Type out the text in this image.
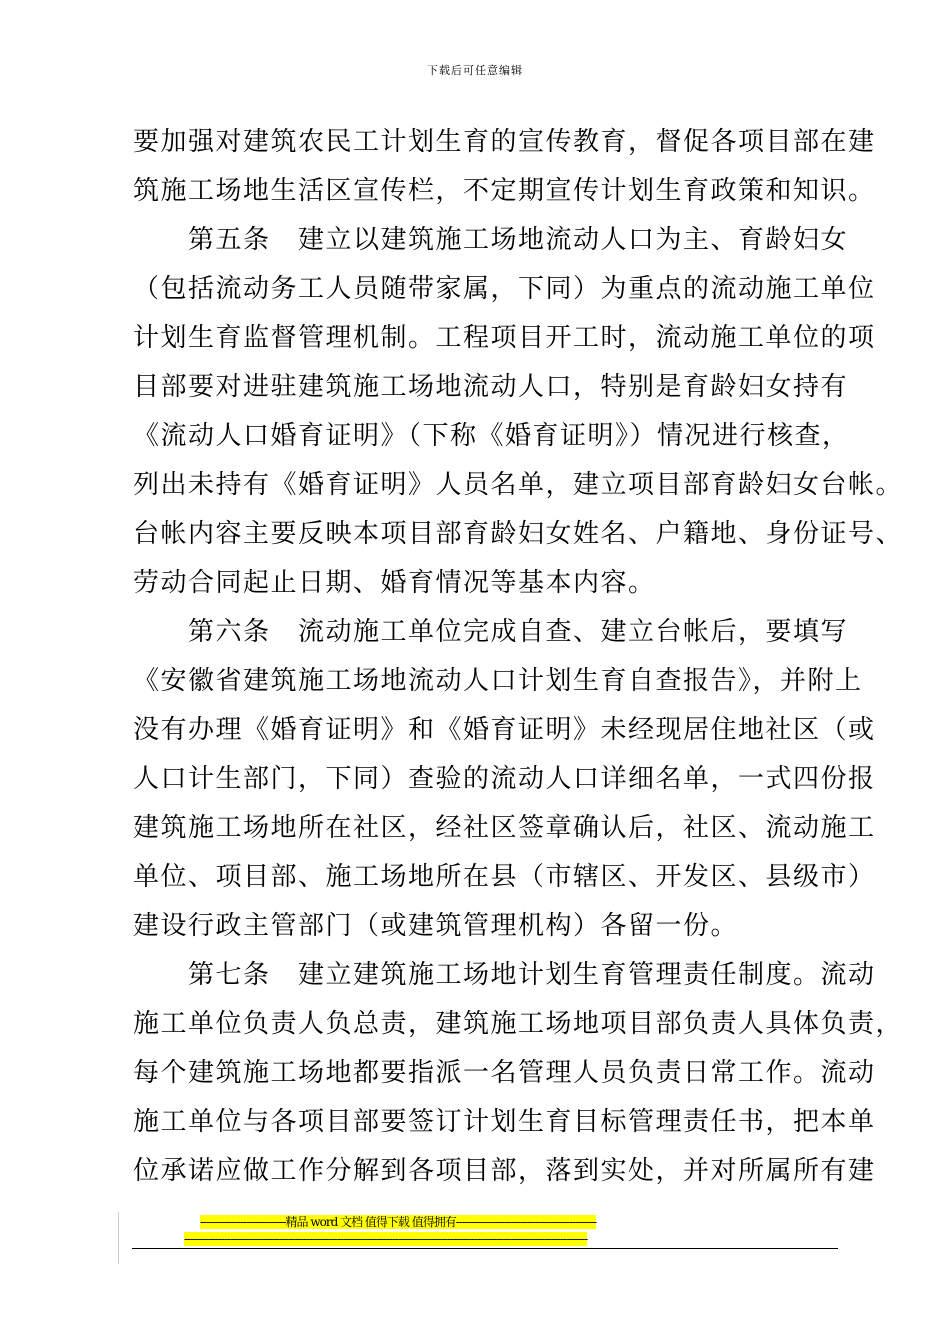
下载后可任意编辑
要加强对建筑农民工计划生育的宣传教育，督促各项目部在建
筑施工场地生活区宣传栏，不定期宣传计划生育政策和知识。
第五条　建立以建筑施工场地流动人口为主、育龄妇女
（包括流动务工人员随带家属，下同）为重点的流动施工单位
计划生育监督管理机制。工程项目开工时，流动施工单位的项
目部要对进驻建筑施工场地流动人口，特别是育龄妇女持有
《流动人口婚育证明》（下称《婚育证明》）情况进行核查，
列出未持有《婚育证明》人员名单，建立项目部育龄妇女台帐。
台帐内容主要反映本项目部育龄妇女姓名、户籍地、身份证号、
劳动合同起止日期、婚育情况等基本内容。
第六条　流动施工单位完成自查、建立台帐后，要填写
《安徽省建筑施工场地流动人口计划生育自查报告》，并附上
没有办理《婚育证明》和《婚育证明》未经现居住地社区（或
人口计生部门，下同）查验的流动人口详细名单，一式四份报
建筑施工场地所在社区，经社区签章确认后，社区、流动施工
单位、项目部、施工场地所在县（市辖区、开发区、县级市）
建设行政主管部门（或建筑管理机构）各留一份。
第七条　建立建筑施工场地计划生育管理责任制度。流动
施工单位负责人负总责，建筑施工场地项目部负责人具体负责，
每个建筑施工场地都要指派一名管理人员负责日常工作。流动
施工单位与各项目部要签订计划生育目标管理责任书，把本单
位承诺应做工作分解到各项目部，落到实处，并对所属所有建
----------------------------精品 word 文档 值得下载 值得拥有----------------------------------------------
------------------------------------------------------------------------------------------------------------------------------------
